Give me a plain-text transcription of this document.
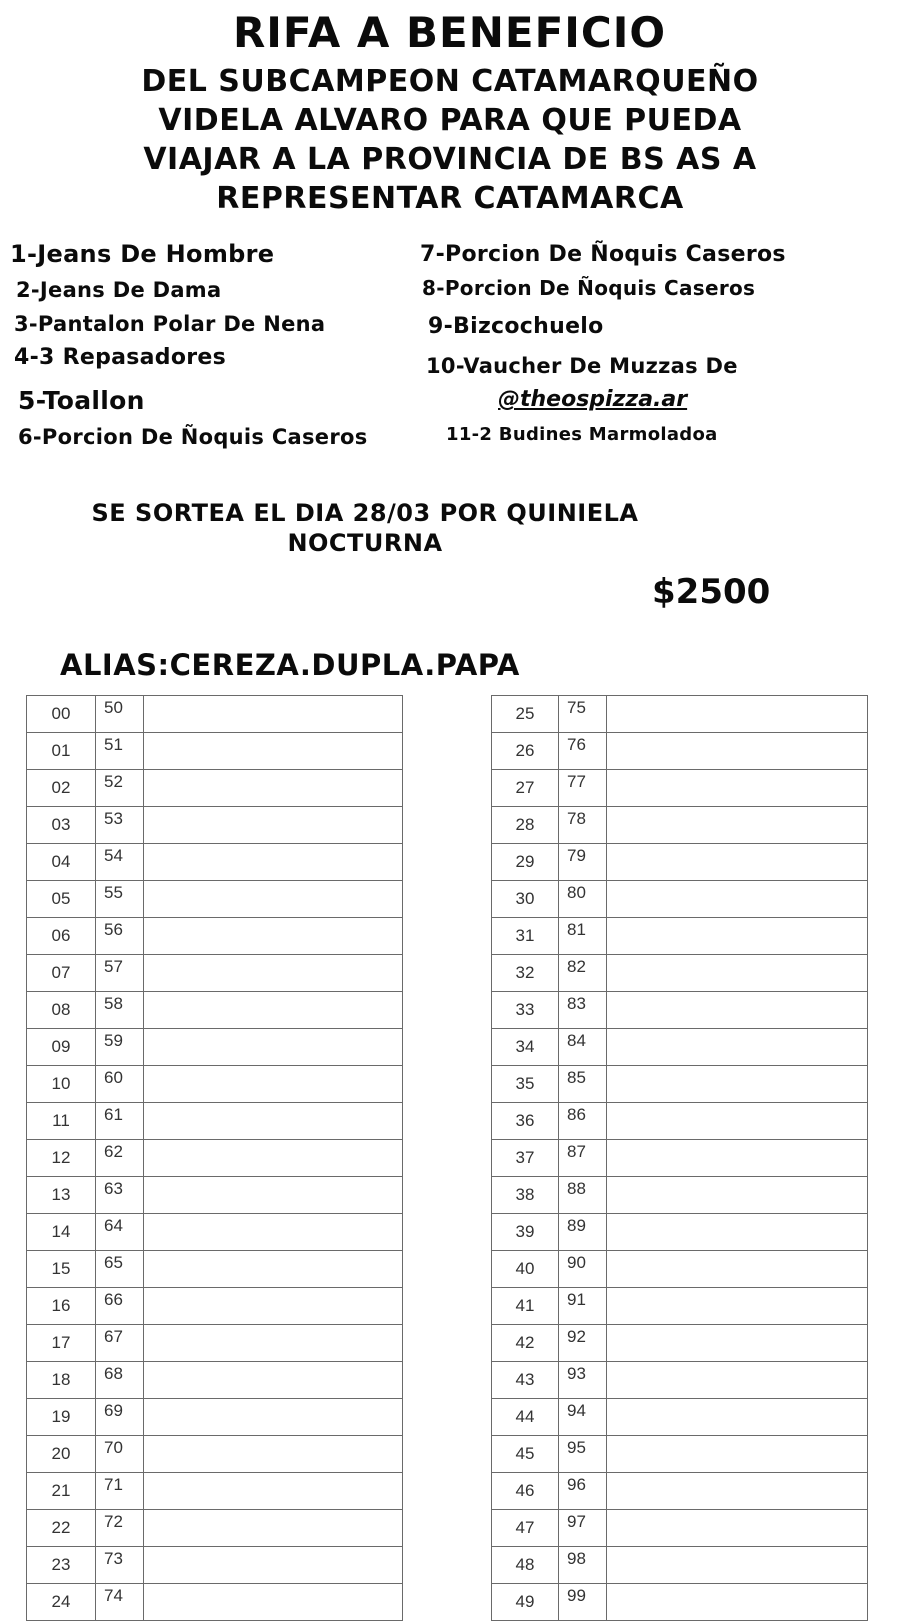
RIFA A BENEFICIO
DEL SUBCAMPEON CATAMARQUEÑO
VIDELA ALVARO PARA QUE PUEDA
VIAJAR A LA PROVINCIA DE BS AS A
REPRESENTAR CATAMARCA
1-Jeans De Hombre
2-Jeans De Dama
3-Pantalon Polar De Nena
4-3 Repasadores
5-Toallon
6-Porcion De Ñoquis Caseros
7-Porcion De Ñoquis Caseros
8-Porcion De Ñoquis Caseros
9-Bizcochuelo
10-Vaucher De Muzzas De
@theospizza.ar
11-2 Budines Marmoladoa
SE SORTEA EL DIA 28/03 POR QUINIELA
NOCTURNA
$2500
ALIAS:CEREZA.DUPLA.PAPA
00	50	
01	51	
02	52	
03	53	
04	54	
05	55	
06	56	
07	57	
08	58	
09	59	
10	60	
11	61	
12	62	
13	63	
14	64	
15	65	
16	66	
17	67	
18	68	
19	69	
20	70	
21	71	
22	72	
23	73	
24	74	
25	75	
26	76	
27	77	
28	78	
29	79	
30	80	
31	81	
32	82	
33	83	
34	84	
35	85	
36	86	
37	87	
38	88	
39	89	
40	90	
41	91	
42	92	
43	93	
44	94	
45	95	
46	96	
47	97	
48	98	
49	99	
